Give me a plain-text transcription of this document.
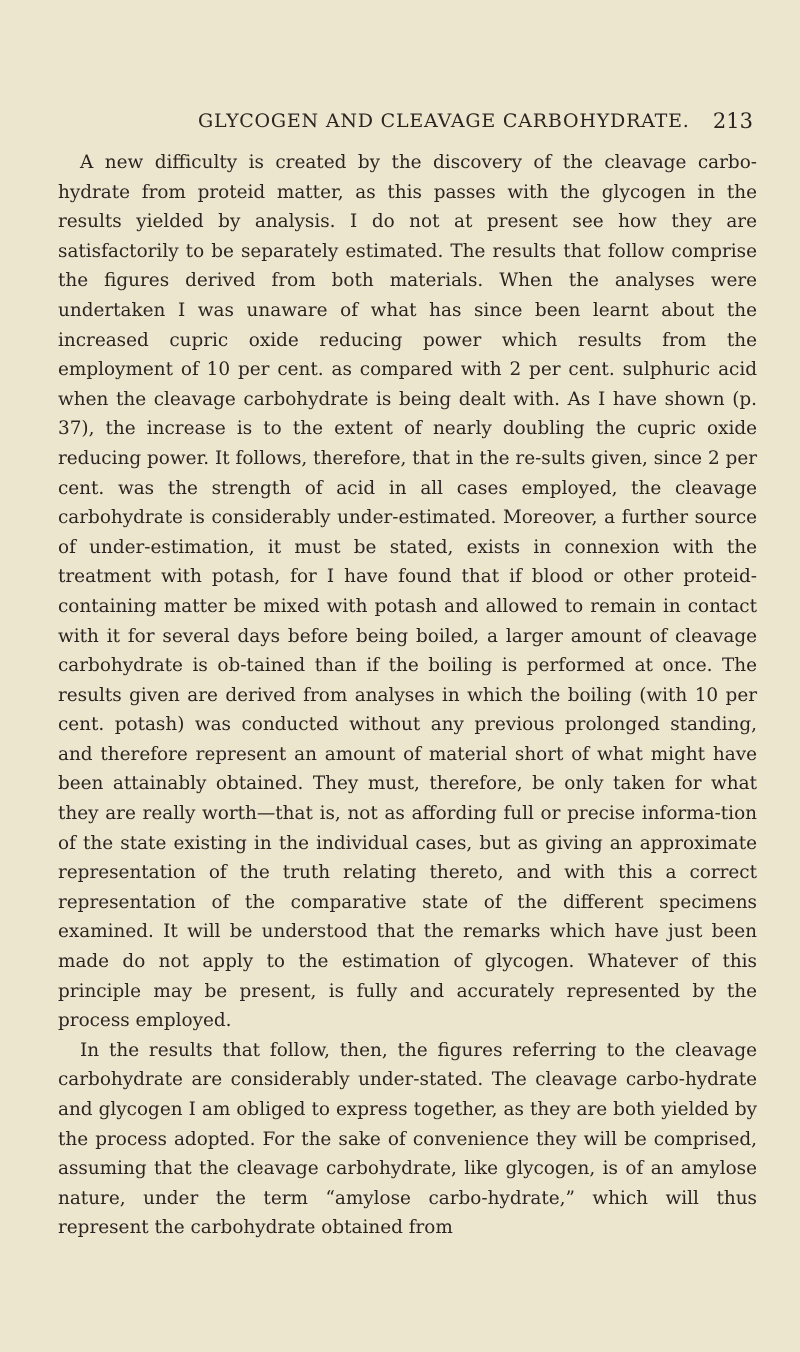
GLYCOGEN AND CLEAVAGE CARBOHYDRATE. 213

A new difficulty is created by the discovery of the cleavage carbo-hydrate from proteid matter, as this passes with the glycogen in the results yielded by analysis. I do not at present see how they are satisfactorily to be separately estimated. The results that follow comprise the figures derived from both materials. When the analyses were undertaken I was unaware of what has since been learnt about the increased cupric oxide reducing power which results from the employment of 10 per cent. as compared with 2 per cent. sulphuric acid when the cleavage carbohydrate is being dealt with. As I have shown (p. 37), the increase is to the extent of nearly doubling the cupric oxide reducing power. It follows, therefore, that in the re-sults given, since 2 per cent. was the strength of acid in all cases employed, the cleavage carbohydrate is considerably under-estimated. Moreover, a further source of under-estimation, it must be stated, exists in connexion with the treatment with potash, for I have found that if blood or other proteid-containing matter be mixed with potash and allowed to remain in contact with it for several days before being boiled, a larger amount of cleavage carbohydrate is ob-tained than if the boiling is performed at once. The results given are derived from analyses in which the boiling (with 10 per cent. potash) was conducted without any previous prolonged standing, and therefore represent an amount of material short of what might have been attainably obtained. They must, therefore, be only taken for what they are really worth—that is, not as affording full or precise informa-tion of the state existing in the individual cases, but as giving an approximate representation of the truth relating thereto, and with this a correct representation of the comparative state of the different specimens examined. It will be understood that the remarks which have just been made do not apply to the estimation of glycogen. Whatever of this principle may be present, is fully and accurately represented by the process employed.

In the results that follow, then, the figures referring to the cleavage carbohydrate are considerably under-stated. The cleavage carbo-hydrate and glycogen I am obliged to express together, as they are both yielded by the process adopted. For the sake of convenience they will be comprised, assuming that the cleavage carbohydrate, like glycogen, is of an amylose nature, under the term “amylose carbo-hydrate,” which will thus represent the carbohydrate obtained from
